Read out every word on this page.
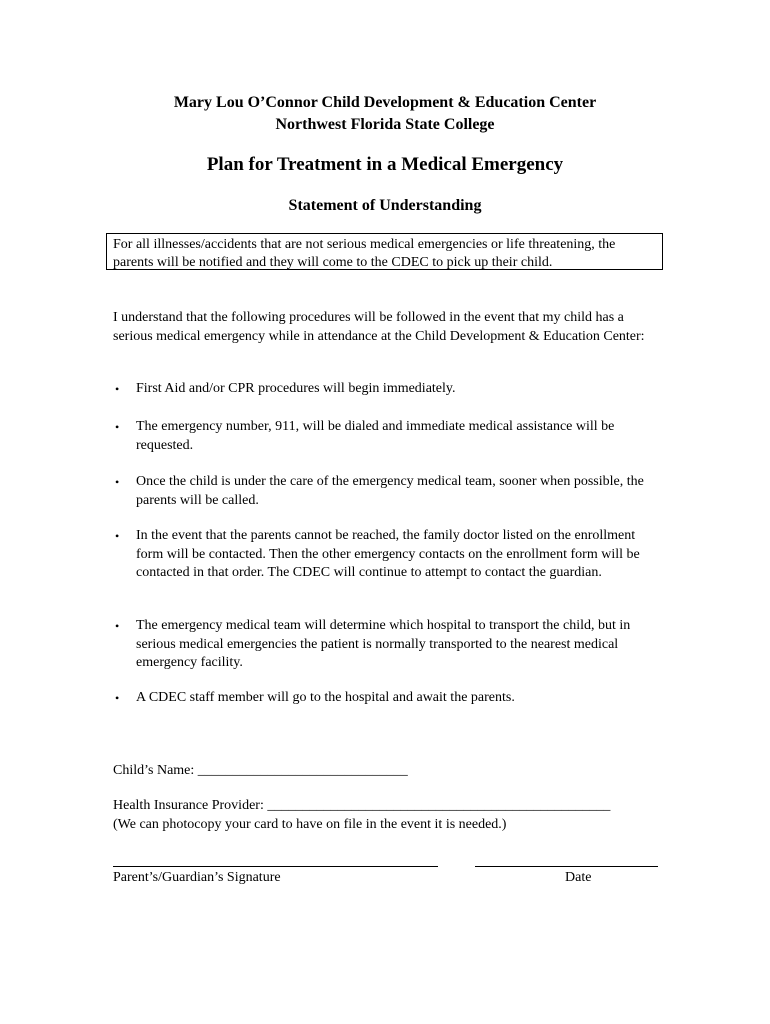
Mary Lou O’Connor Child Development & Education Center
Northwest Florida State College
Plan for Treatment in a Medical Emergency
Statement of Understanding
For all illnesses/accidents that are not serious medical emergencies or life threatening, the parents will be notified and they will come to the CDEC to pick up their child.
I understand that the following procedures will be followed in the event that my child has a serious medical emergency while in attendance at the Child Development & Education Center:
• First Aid and/or CPR procedures will begin immediately.
• The emergency number, 911, will be dialed and immediate medical assistance will be requested.
• Once the child is under the care of the emergency medical team, sooner when possible, the parents will be called.
• In the event that the parents cannot be reached, the family doctor listed on the enrollment form will be contacted. Then the other emergency contacts on the enrollment form will be contacted in that order. The CDEC will continue to attempt to contact the guardian.
• The emergency medical team will determine which hospital to transport the child, but in serious medical emergencies the patient is normally transported to the nearest medical emergency facility.
• A CDEC staff member will go to the hospital and await the parents.
Child’s Name: ______________________________
Health Insurance Provider: _________________________________________________
(We can photocopy your card to have on file in the event it is needed.)
Parent’s/Guardian’s Signature	Date
